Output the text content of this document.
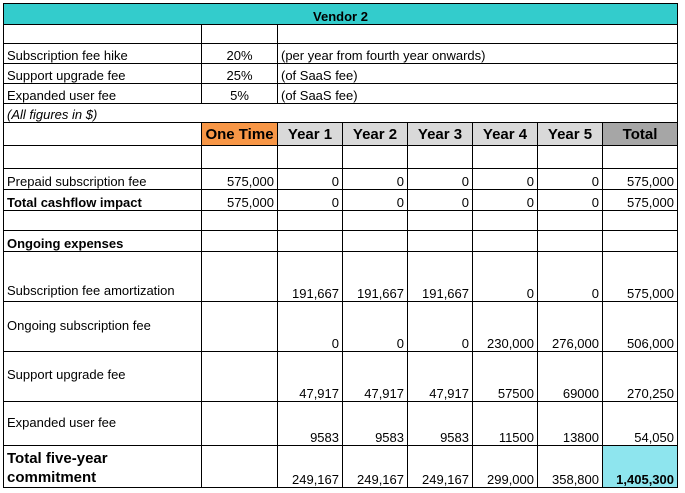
Vendor 2							

Subscription fee hike	20%	(per year from fourth year onwards)					
Support upgrade fee	25%	(of SaaS fee)					
Expanded user fee	5%	(of SaaS fee)					
(All figures in $)							
	One Time	Year 1	Year 2	Year 3	Year 4	Year 5	Total

Prepaid subscription fee	575,000	0	0	0	0	0	575,000
Total cashflow impact	575,000	0	0	0	0	0	575,000

Ongoing expenses							
Subscription fee amortization		191,667	191,667	191,667	0	0	575,000
Ongoing subscription fee		0	0	0	230,000	276,000	506,000
Support upgrade fee		47,917	47,917	47,917	57500	69000	270,250
Expanded user fee		9583	9583	9583	11500	13800	54,050
Total five-year commitment		249,167	249,167	249,167	299,000	358,800	1,405,300
